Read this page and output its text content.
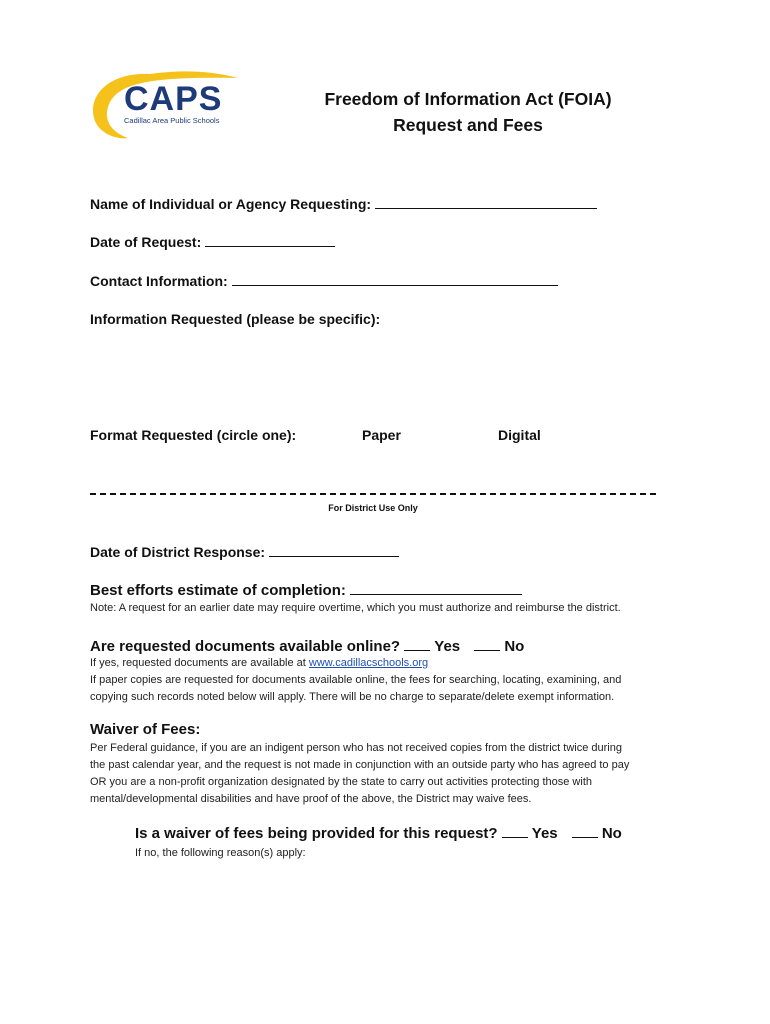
CAPS
Cadillac Area Public Schools
Freedom of Information Act (FOIA)
Request and Fees
Name of Individual or Agency Requesting:
Date of Request:
Contact Information:
Information Requested (please be specific):
Format Requested (circle one):	Paper	Digital
For District Use Only
Date of District Response:
Best efforts estimate of completion:
Note: A request for an earlier date may require overtime, which you must authorize and reimburse the district.
Are requested documents available online? Yes	No
If yes, requested documents are available at www.cadillacschools.org
If paper copies are requested for documents available online, the fees for searching, locating, examining, and
copying such records noted below will apply. There will be no charge to separate/delete exempt information.
Waiver of Fees:
Per Federal guidance, if you are an indigent person who has not received copies from the district twice during
the past calendar year, and the request is not made in conjunction with an outside party who has agreed to pay
OR you are a non-profit organization designated by the state to carry out activities protecting those with
mental/developmental disabilities and have proof of the above, the District may waive fees.
Is a waiver of fees being provided for this request? Yes	No
If no, the following reason(s) apply:
